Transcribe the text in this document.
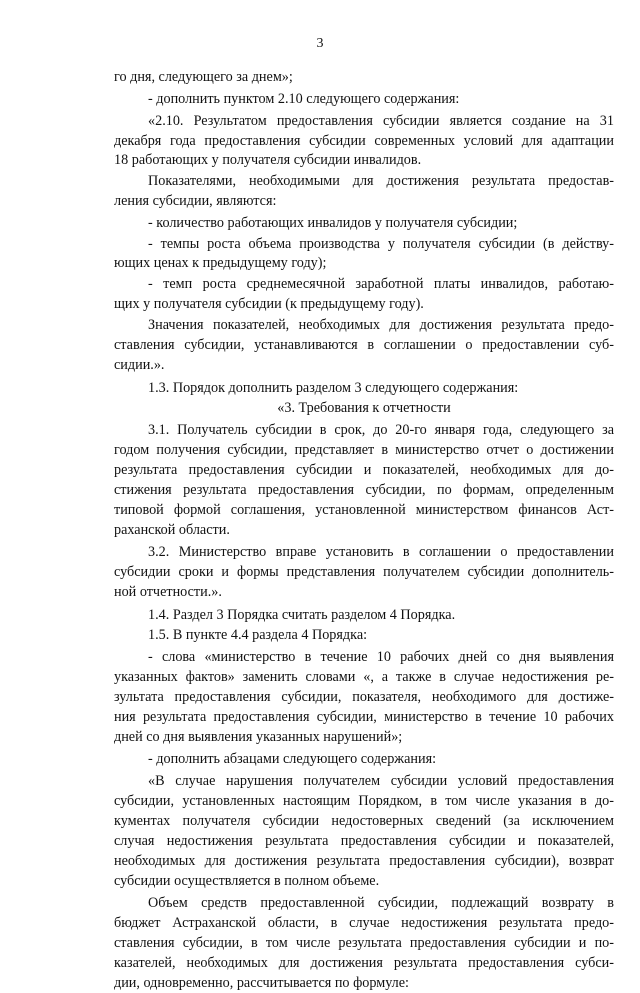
3
го дня, следующего за днем»;
- дополнить пунктом 2.10 следующего содержания:
«2.10. Результатом предоставления субсидии является создание на 31
декабря года предоставления субсидии современных условий для адаптации
18 работающих у получателя субсидии инвалидов.
Показателями, необходимыми для достижения результата предостав-
ления субсидии, являются:
- количество работающих инвалидов у получателя субсидии;
- темпы роста объема производства у получателя субсидии (в действу-
ющих ценах к предыдущему году);
- темп роста среднемесячной заработной платы инвалидов, работаю-
щих у получателя субсидии (к предыдущему году).
Значения показателей, необходимых для достижения результата предо-
ставления субсидии, устанавливаются в соглашении о предоставлении суб-
сидии.».
1.3. Порядок дополнить разделом 3 следующего содержания:
«3. Требования к отчетности
3.1. Получатель субсидии в срок, до 20-го января года, следующего за
годом получения субсидии, представляет в министерство отчет о достижении
результата предоставления субсидии и показателей, необходимых для до-
стижения результата предоставления субсидии, по формам, определенным
типовой формой соглашения, установленной министерством финансов Аст-
раханской области.
3.2. Министерство вправе установить в соглашении о предоставлении
субсидии сроки и формы представления получателем субсидии дополнитель-
ной отчетности.».
1.4. Раздел 3 Порядка считать разделом 4 Порядка.
1.5. В пункте 4.4 раздела 4 Порядка:
- слова «министерство в течение 10 рабочих дней со дня выявления
указанных фактов» заменить словами «, а также в случае недостижения ре-
зультата предоставления субсидии, показателя, необходимого для достиже-
ния результата предоставления субсидии, министерство в течение 10 рабочих
дней со дня выявления указанных нарушений»;
- дополнить абзацами следующего содержания:
«В случае нарушения получателем субсидии условий предоставления
субсидии, установленных настоящим Порядком, в том числе указания в до-
кументах получателя субсидии недостоверных сведений (за исключением
случая недостижения результата предоставления субсидии и показателей,
необходимых для достижения результата предоставления субсидии), возврат
субсидии осуществляется в полном объеме.
Объем средств предоставленной субсидии, подлежащий возврату в
бюджет Астраханской области, в случае недостижения результата предо-
ставления субсидии, в том числе результата предоставления субсидии и по-
казателей, необходимых для достижения результата предоставления субси-
дии, одновременно, рассчитывается по формуле:
